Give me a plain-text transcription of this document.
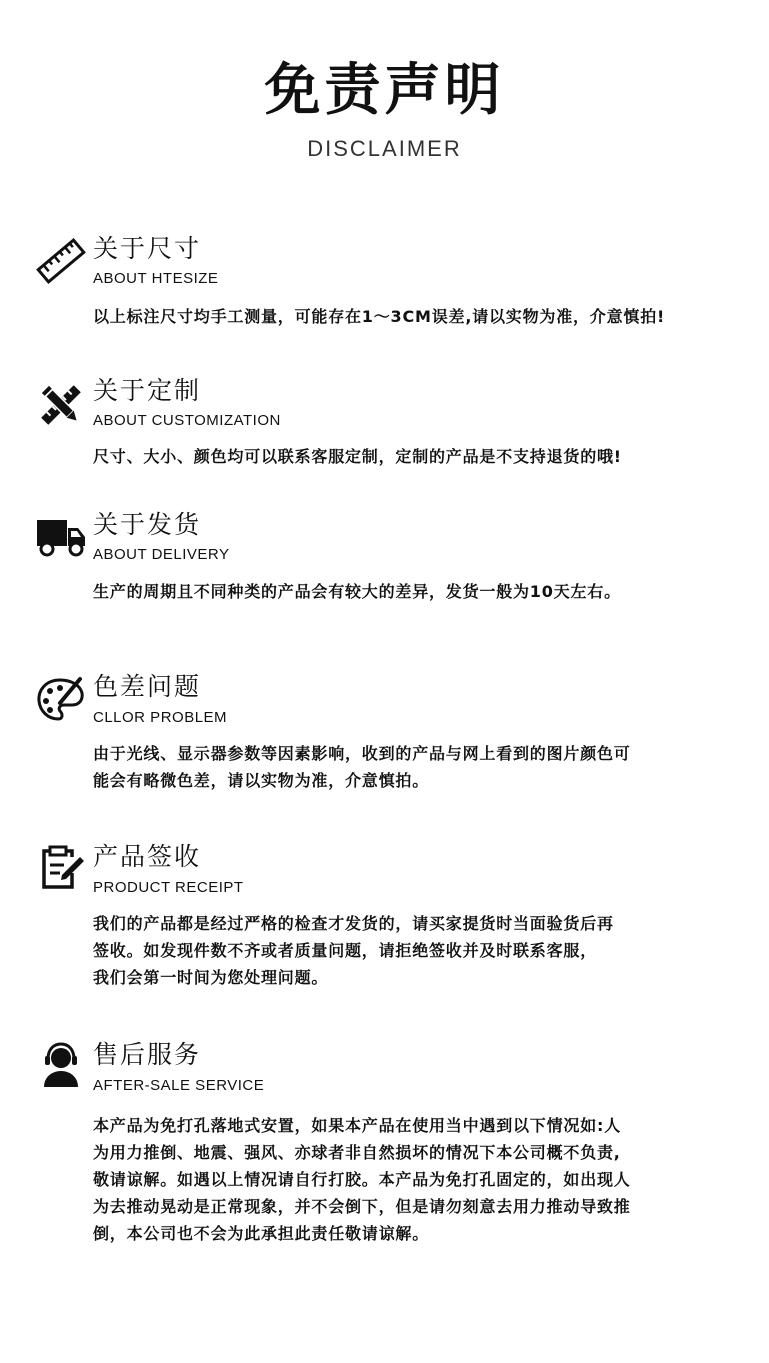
免责声明
DISCLAIMER
关于尺寸
ABOUT HTESIZE
以上标注尺寸均手工测量，可能存在1～3CM误差,请以实物为准，介意慎拍!
关于定制
ABOUT CUSTOMIZATION
尺寸、大小、颜色均可以联系客服定制，定制的产品是不支持退货的哦!
关于发货
ABOUT DELIVERY
生产的周期且不同种类的产品会有较大的差异，发货一般为10天左右。
色差问题
CLLOR PROBLEM
由于光线、显示器参数等因素影响，收到的产品与网上看到的图片颜色可
能会有略微色差，请以实物为准，介意慎拍。
产品签收
PRODUCT RECEIPT
我们的产品都是经过严格的检查才发货的，请买家提货时当面验货后再
签收。如发现件数不齐或者质量问题，请拒绝签收并及时联系客服，
我们会第一时间为您处理问题。
售后服务
AFTER-SALE SERVICE
本产品为免打孔落地式安置，如果本产品在使用当中遇到以下情况如:人
为用力推倒、地震、强风、亦球者非自然损坏的情况下本公司概不负责,
敬请谅解。如遇以上情况请自行打胶。本产品为免打孔固定的，如出现人
为去推动晃动是正常现象，并不会倒下，但是请勿刻意去用力推动导致推
倒，本公司也不会为此承担此责任敬请谅解。
